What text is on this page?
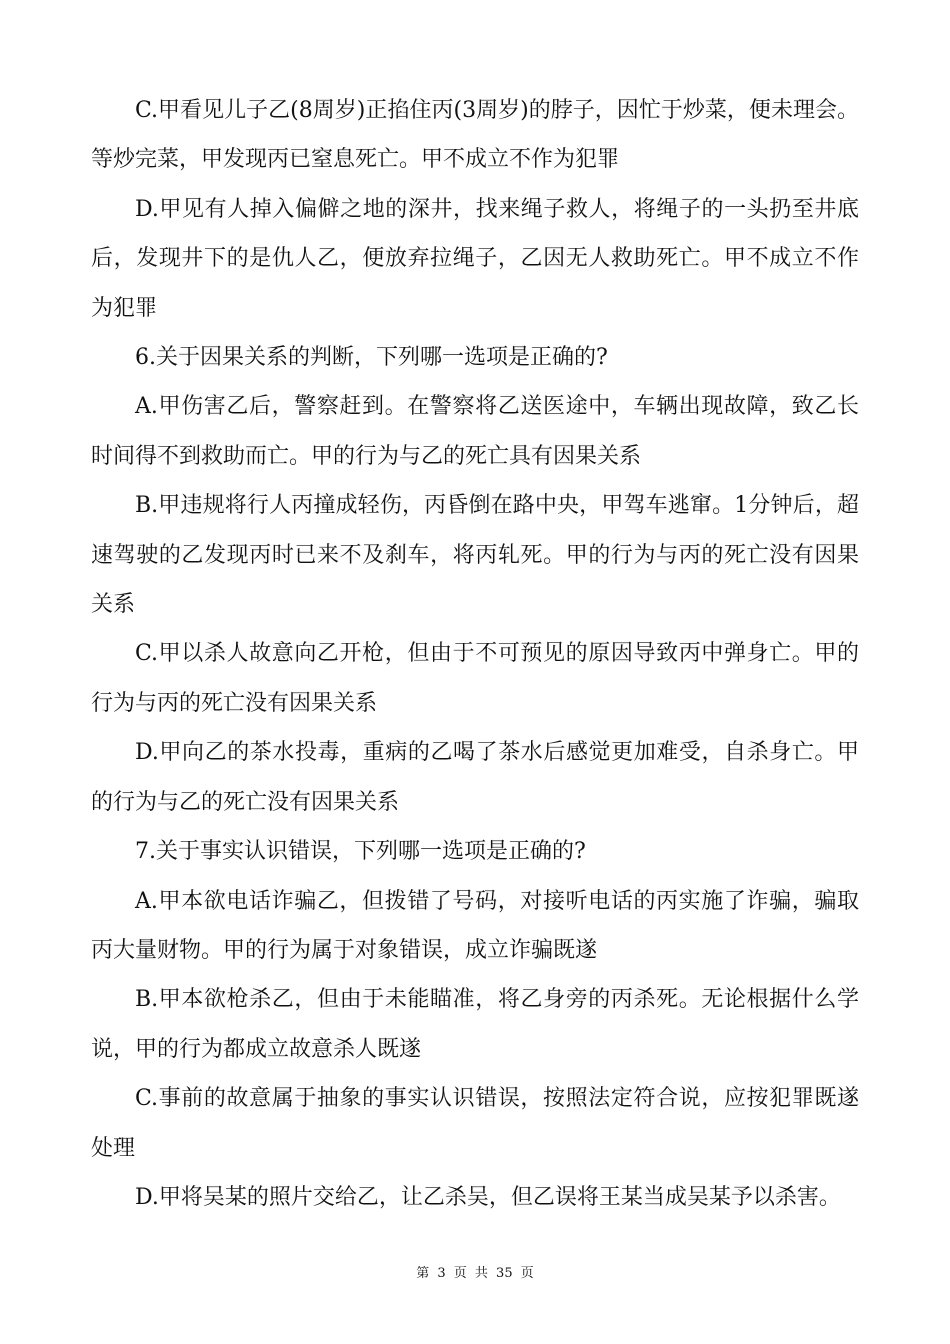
C.甲看见儿子乙(8周岁)正掐住丙(3周岁)的脖子，因忙于炒菜，便未理会。等炒完菜，甲发现丙已窒息死亡。甲不成立不作为犯罪

D.甲见有人掉入偏僻之地的深井，找来绳子救人，将绳子的一头扔至井底后，发现井下的是仇人乙，便放弃拉绳子，乙因无人救助死亡。甲不成立不作为犯罪

6.关于因果关系的判断，下列哪一选项是正确的?

A.甲伤害乙后，警察赶到。在警察将乙送医途中，车辆出现故障，致乙长时间得不到救助而亡。甲的行为与乙的死亡具有因果关系

B.甲违规将行人丙撞成轻伤，丙昏倒在路中央，甲驾车逃窜。1分钟后，超速驾驶的乙发现丙时已来不及刹车，将丙轧死。甲的行为与丙的死亡没有因果关系

C.甲以杀人故意向乙开枪，但由于不可预见的原因导致丙中弹身亡。甲的行为与丙的死亡没有因果关系

D.甲向乙的茶水投毒，重病的乙喝了茶水后感觉更加难受，自杀身亡。甲的行为与乙的死亡没有因果关系

7.关于事实认识错误，下列哪一选项是正确的?

A.甲本欲电话诈骗乙，但拨错了号码，对接听电话的丙实施了诈骗，骗取丙大量财物。甲的行为属于对象错误，成立诈骗既遂

B.甲本欲枪杀乙，但由于未能瞄准，将乙身旁的丙杀死。无论根据什么学说，甲的行为都成立故意杀人既遂

C.事前的故意属于抽象的事实认识错误，按照法定符合说，应按犯罪既遂处理

D.甲将吴某的照片交给乙，让乙杀吴，但乙误将王某当成吴某予以杀害。

第 3 页 共 35 页
